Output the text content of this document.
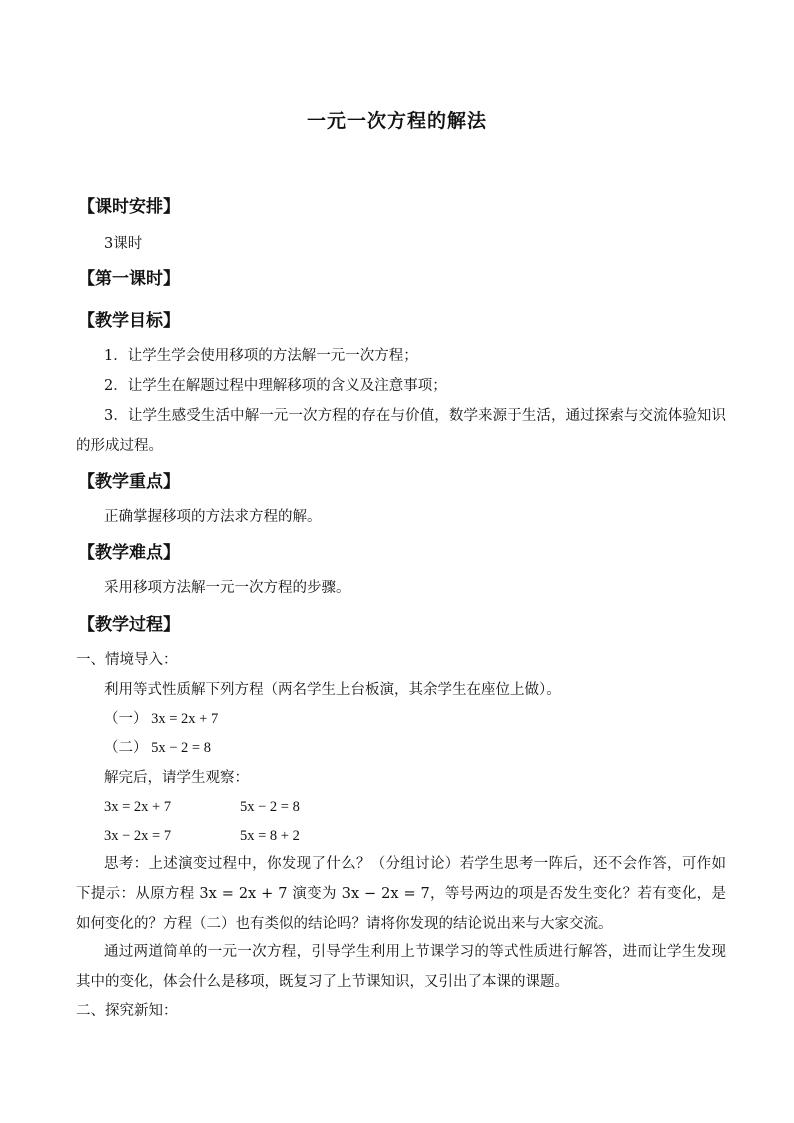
一元一次方程的解法
【课时安排】
3课时
【第一课时】
【教学目标】
1．让学生学会使用移项的方法解一元一次方程；
2．让学生在解题过程中理解移项的含义及注意事项；
3．让学生感受生活中解一元一次方程的存在与价值，数学来源于生活，通过探索与交流体验知识的形成过程。
【教学重点】
正确掌握移项的方法求方程的解。
【教学难点】
采用移项方法解一元一次方程的步骤。
【教学过程】
一、情境导入：
利用等式性质解下列方程（两名学生上台板演，其余学生在座位上做）。
（一） 3x = 2x + 7
（二） 5x − 2 = 8
解完后，请学生观察：
3x = 2x + 7	5x − 2 = 8
3x − 2x = 7	5x = 8 + 2
思考：上述演变过程中，你发现了什么？（分组讨论）若学生思考一阵后，还不会作答，可作如下提示：从原方程 3x = 2x + 7 演变为 3x − 2x = 7，等号两边的项是否发生变化？若有变化，是如何变化的？方程（二）也有类似的结论吗？请将你发现的结论说出来与大家交流。
通过两道简单的一元一次方程，引导学生利用上节课学习的等式性质进行解答，进而让学生发现其中的变化，体会什么是移项，既复习了上节课知识，又引出了本课的课题。
二、探究新知：
